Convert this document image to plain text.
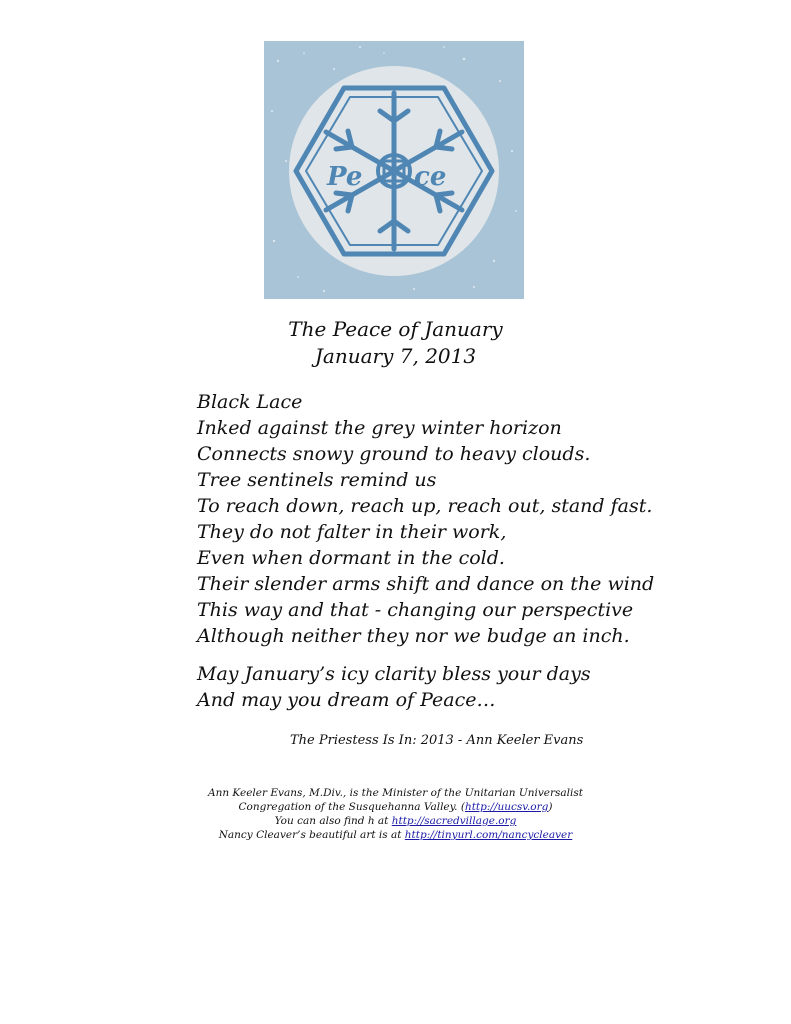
Pe ce
The Peace of January
January 7, 2013
Black Lace
Inked against the grey winter horizon
Connects snowy ground to heavy clouds.
Tree sentinels remind us
To reach down, reach up, reach out, stand fast.
They do not falter in their work,
Even when dormant in the cold.
Their slender arms shift and dance on the wind
This way and that - changing our perspective
Although neither they nor we budge an inch.
May January’s icy clarity bless your days
And may you dream of Peace…
The Priestess Is In: 2013 - Ann Keeler Evans
Ann Keeler Evans, M.Div., is the Minister of the Unitarian Universalist
Congregation of the Susquehanna Valley. (http://uucsv.org)
You can also find h at http://sacredvillage.org
Nancy Cleaver’s beautiful art is at http://tinyurl.com/nancycleaver
